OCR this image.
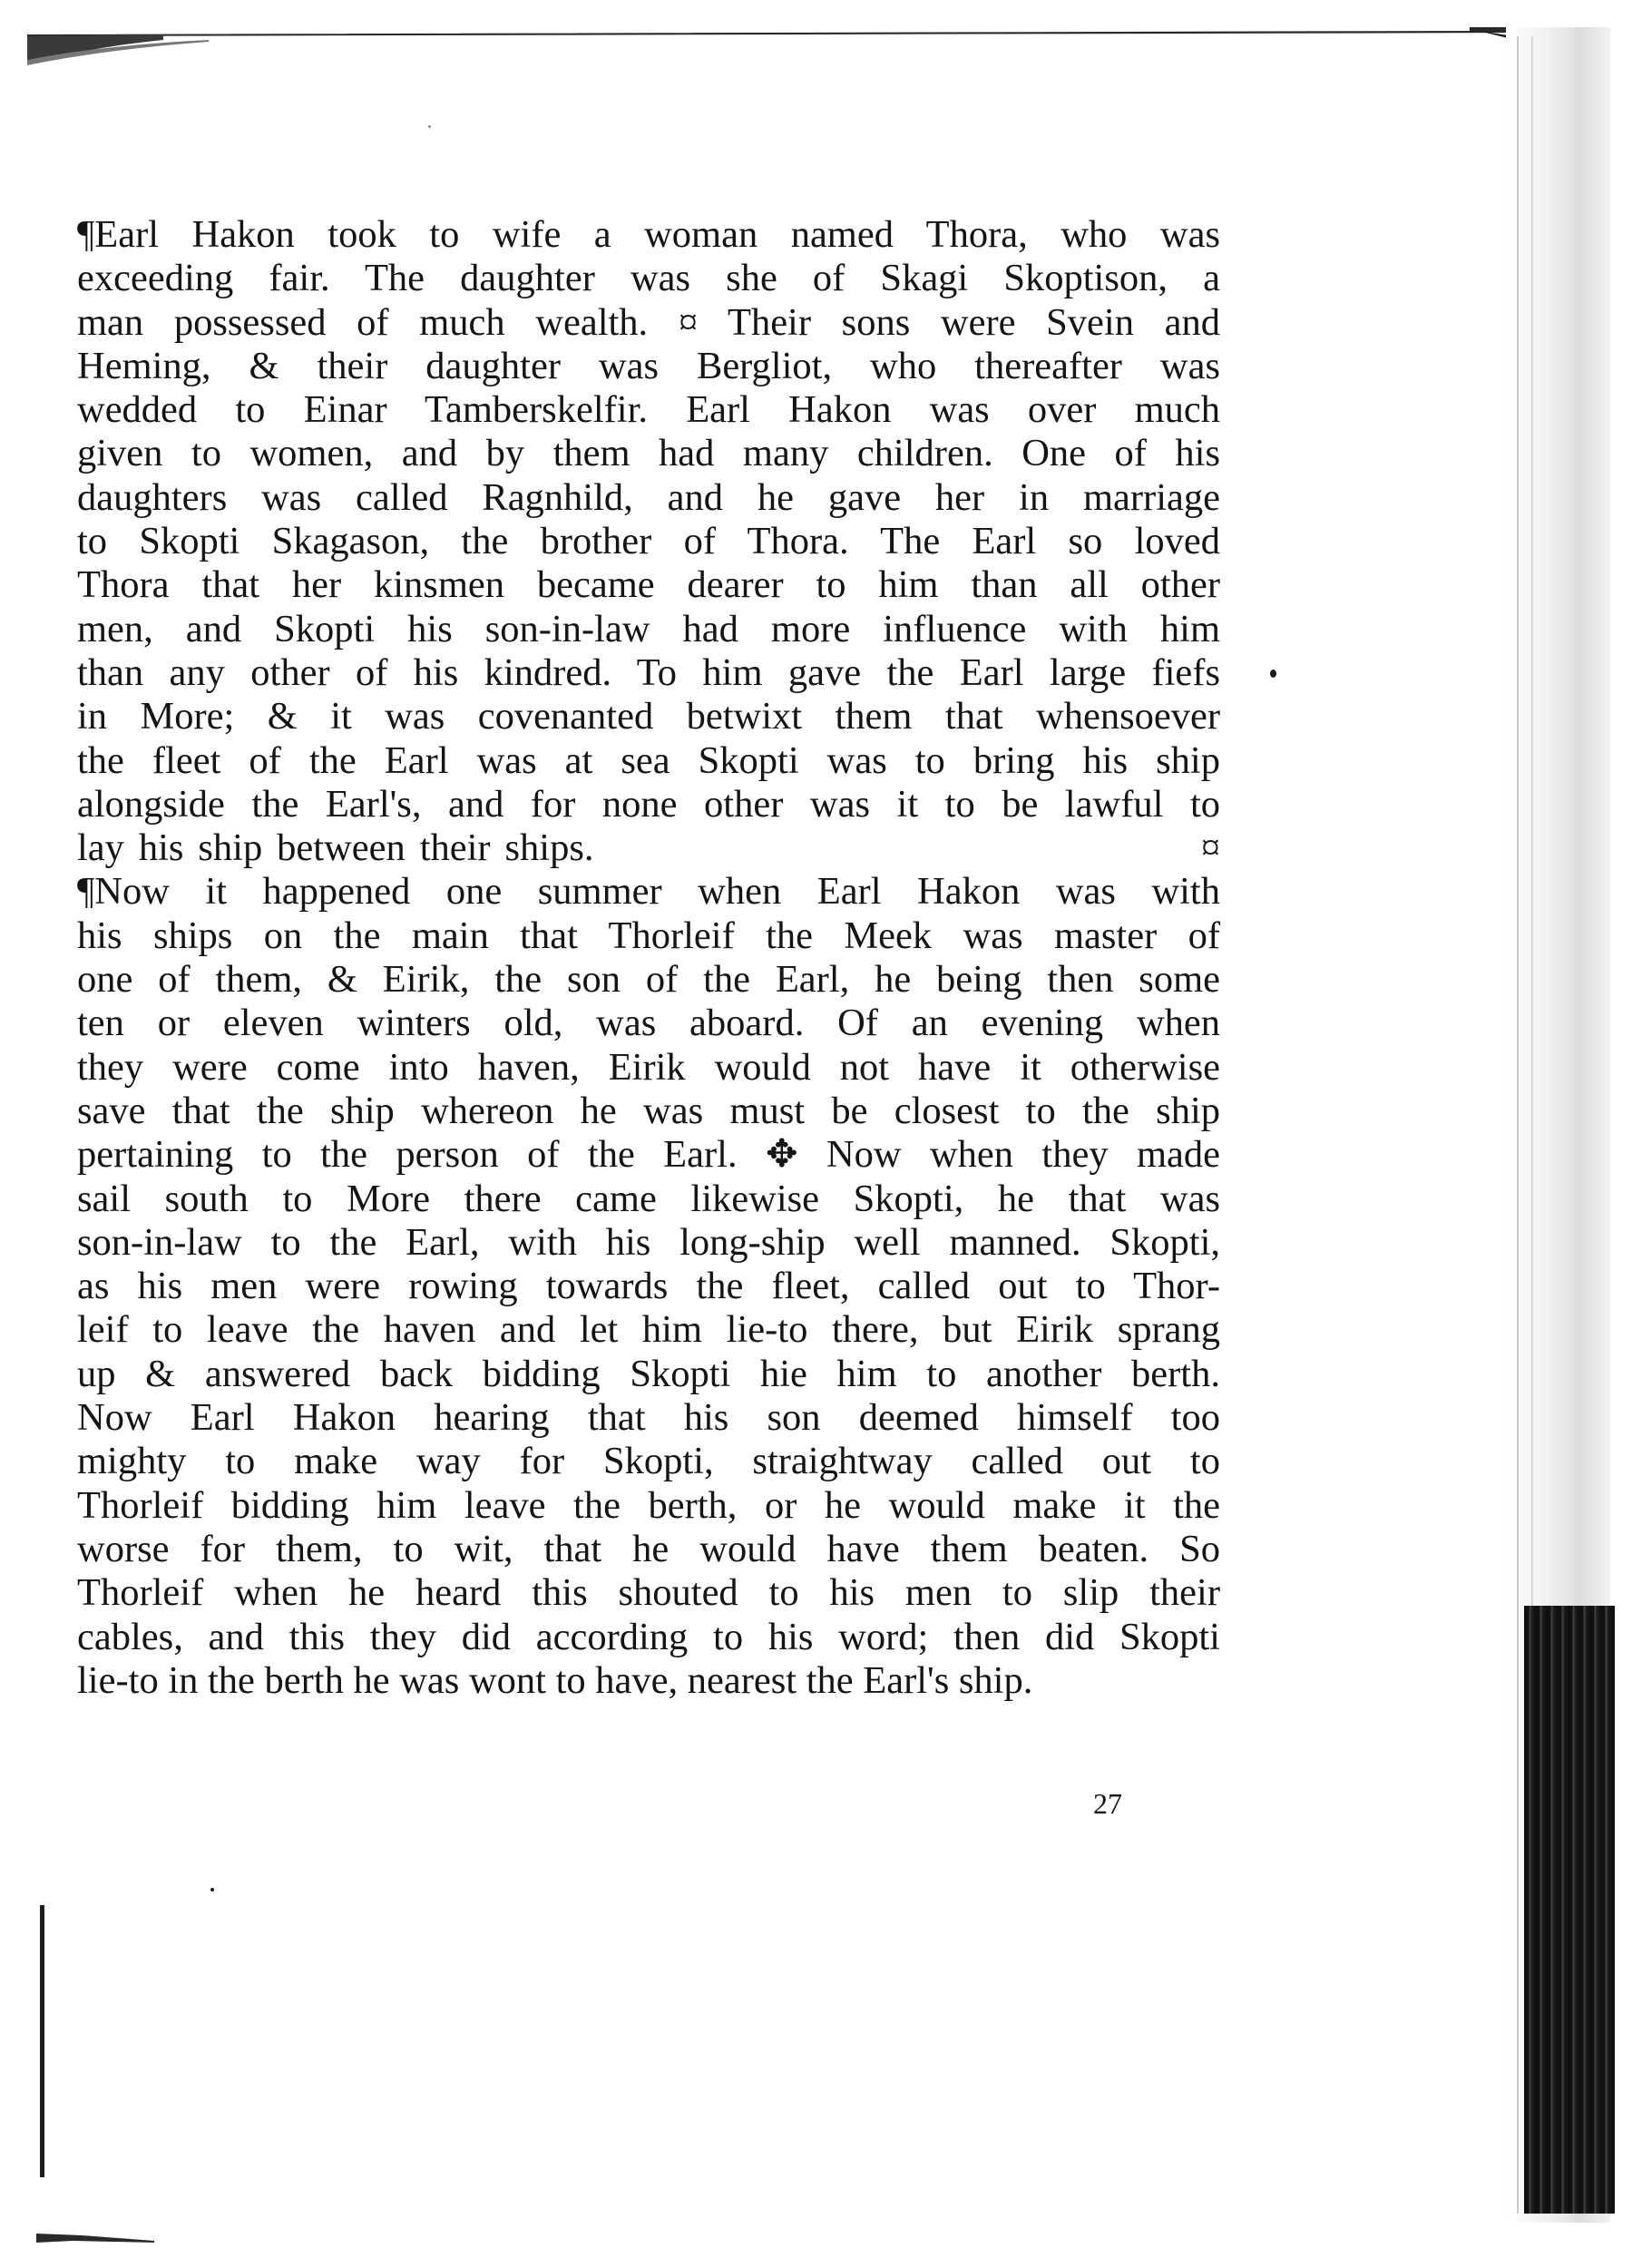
¶Earl Hakon took to wife a woman named Thora, who was
exceeding fair. The daughter was she of Skagi Skoptison, a
man possessed of much wealth. ¤ Their sons were Svein and
Heming, & their daughter was Bergliot, who thereafter was
wedded to Einar Tamberskelfir. Earl Hakon was over much
given to women, and by them had many children. One of his
daughters was called Ragnhild, and he gave her in marriage
to Skopti Skagason, the brother of Thora. The Earl so loved
Thora that her kinsmen became dearer to him than all other
men, and Skopti his son-in-law had more influence with him
than any other of his kindred. To him gave the Earl large fiefs
in More; & it was covenanted betwixt them that whensoever
the fleet of the Earl was at sea Skopti was to bring his ship
alongside the Earl's, and for none other was it to be lawful to
lay his ship between their ships.                                          ¤
¶Now it happened one summer when Earl Hakon was with
his ships on the main that Thorleif the Meek was master of
one of them, & Eirik, the son of the Earl, he being then some
ten or eleven winters old, was aboard. Of an evening when
they were come into haven, Eirik would not have it otherwise
save that the ship whereon he was must be closest to the ship
pertaining to the person of the Earl. ✥ Now when they made
sail south to More there came likewise Skopti, he that was
son-in-law to the Earl, with his long-ship well manned. Skopti,
as his men were rowing towards the fleet, called out to Thor-
leif to leave the haven and let him lie-to there, but Eirik sprang
up & answered back bidding Skopti hie him to another berth.
Now Earl Hakon hearing that his son deemed himself too
mighty to make way for Skopti, straightway called out to
Thorleif bidding him leave the berth, or he would make it the
worse for them, to wit, that he would have them beaten. So
Thorleif when he heard this shouted to his men to slip their
cables, and this they did according to his word; then did Skopti
lie-to in the berth he was wont to have, nearest the Earl's ship.
27
